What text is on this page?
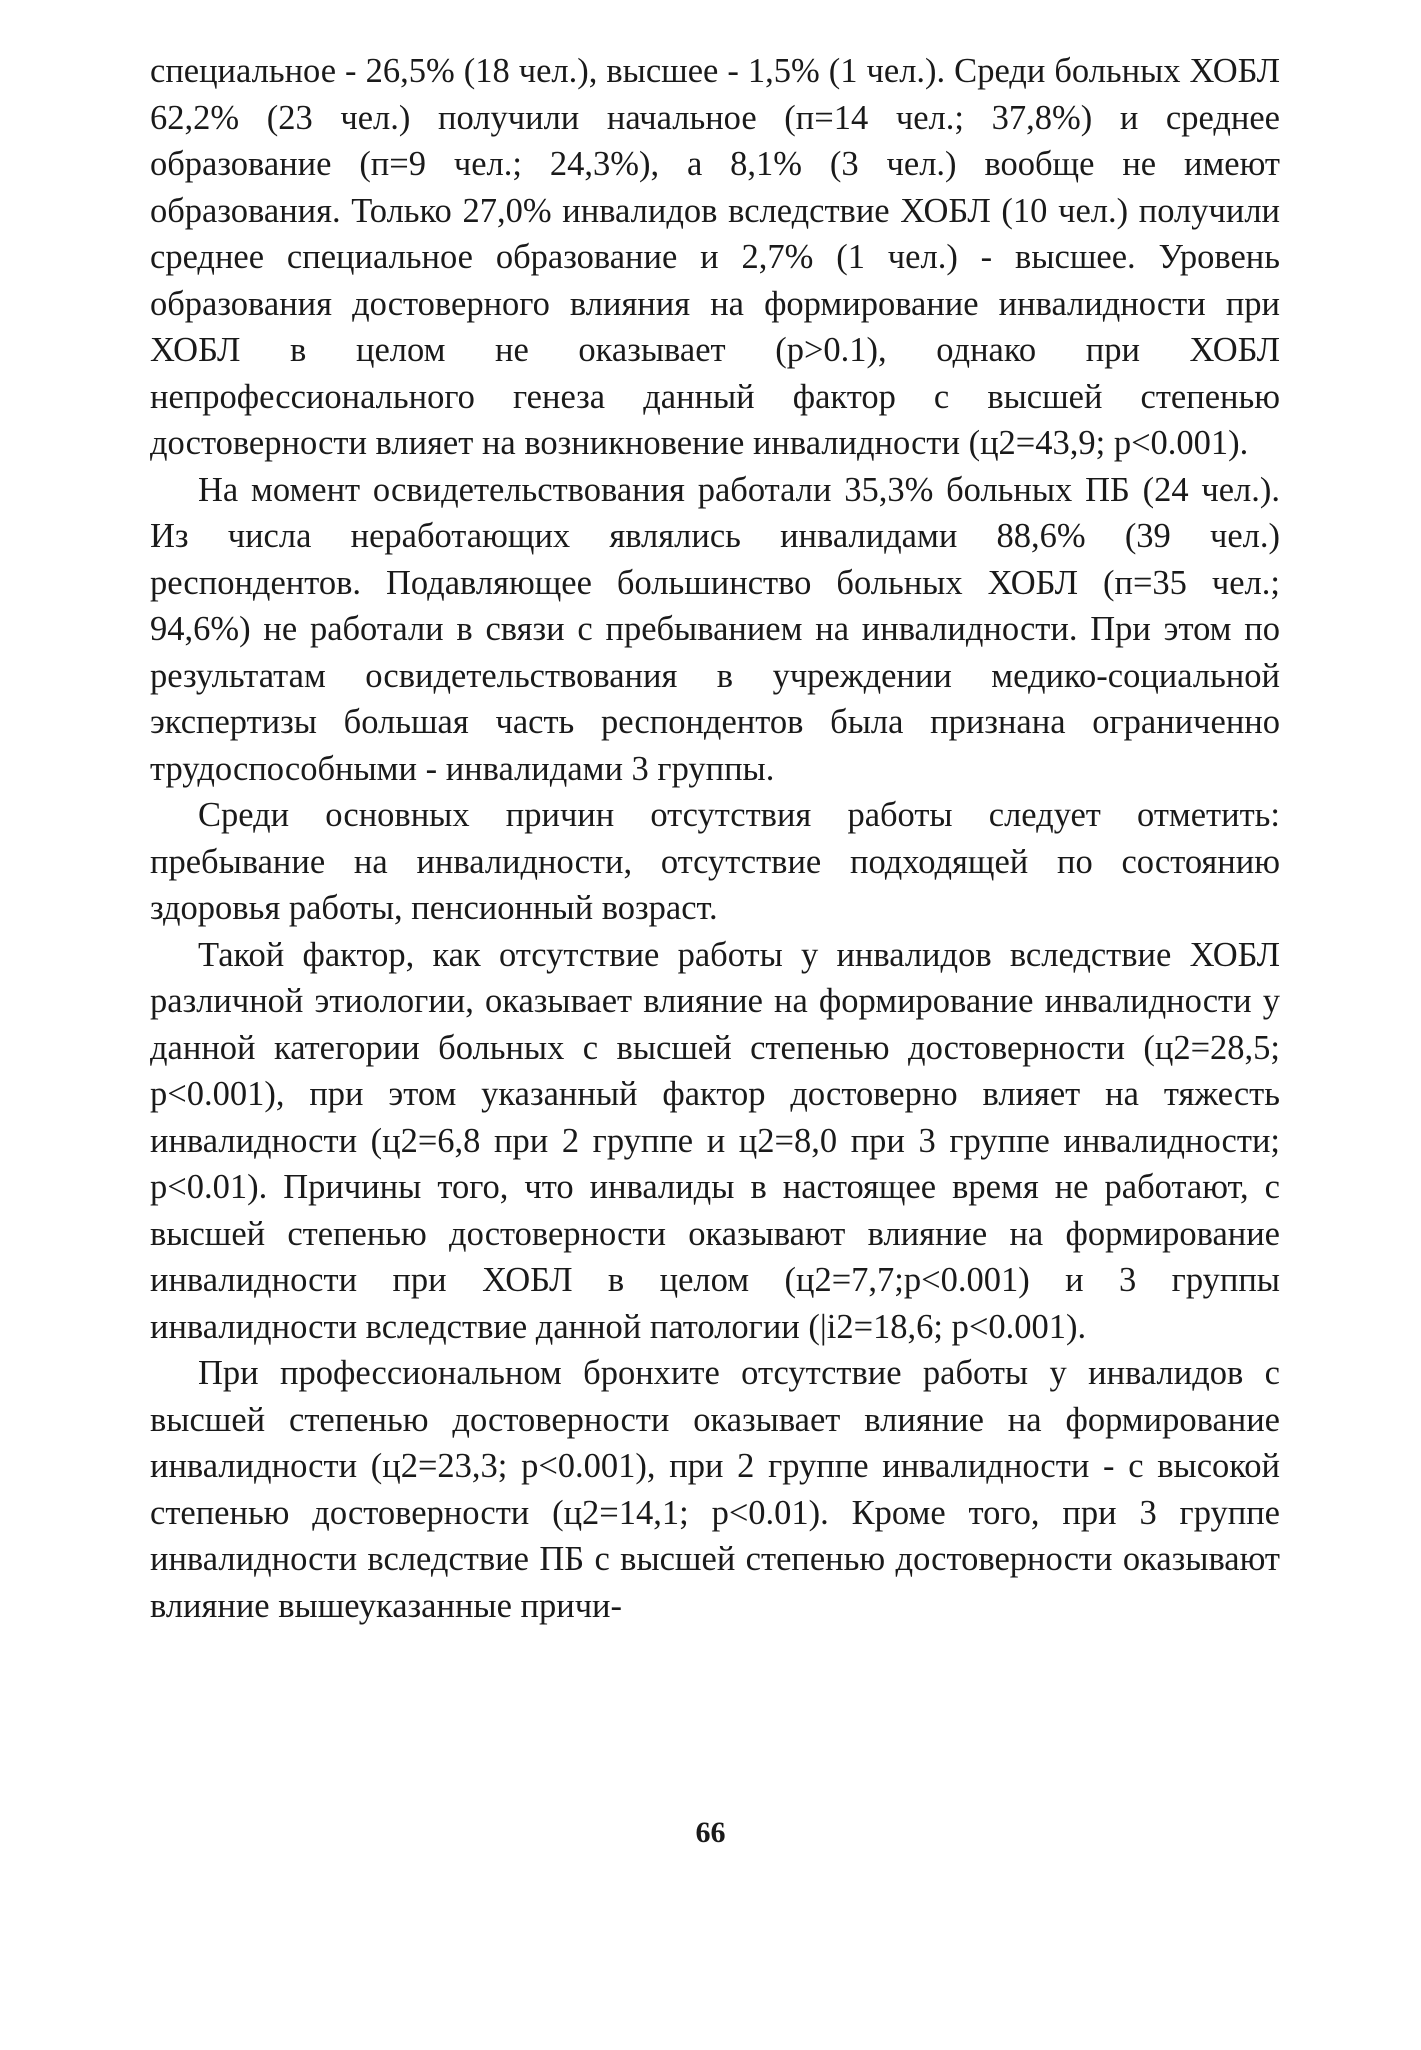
специальное - 26,5% (18 чел.), высшее - 1,5% (1 чел.). Среди больных ХОБЛ 62,2% (23 чел.) получили начальное (п=14 чел.; 37,8%) и среднее образование (п=9 чел.; 24,3%), а 8,1% (3 чел.) вообще не имеют образования. Только 27,0% инвалидов вследствие ХОБЛ (10 чел.) получили среднее специальное образование и 2,7% (1 чел.) - высшее. Уровень образования достоверного влияния на формирование инвалидности при ХОБЛ в целом не оказывает (р>0.1), однако при ХОБЛ непрофессионального генеза данный фактор с высшей степенью достоверности влияет на возникновение инвалидности (ц2=43,9; р<0.001).

На момент освидетельствования работали 35,3% больных ПБ (24 чел.). Из числа неработающих являлись инвалидами 88,6% (39 чел.) респондентов. Подавляющее большинство больных ХОБЛ (п=35 чел.; 94,6%) не работали в связи с пребыванием на инвалидности. При этом по результатам освидетельствования в учреждении медико-социальной экспертизы большая часть респондентов была признана ограниченно трудоспособными - инвалидами 3 группы.

Среди основных причин отсутствия работы следует отметить: пребывание на инвалидности, отсутствие подходящей по состоянию здоровья работы, пенсионный возраст.

Такой фактор, как отсутствие работы у инвалидов вследствие ХОБЛ различной этиологии, оказывает влияние на формирование инвалидности у данной категории больных с высшей степенью достоверности (ц2=28,5; р<0.001), при этом указанный фактор достоверно влияет на тяжесть инвалидности (ц2=6,8 при 2 группе и ц2=8,0 при 3 группе инвалидности; р<0.01). Причины того, что инвалиды в настоящее время не работают, с высшей степенью достоверности оказывают влияние на формирование инвалидности при ХОБЛ в целом (ц2=7,7;р<0.001) и 3 группы инвалидности вследствие данной патологии (|і2=18,6; р<0.001).

При профессиональном бронхите отсутствие работы у инвалидов с высшей степенью достоверности оказывает влияние на формирование инвалидности (ц2=23,3; р<0.001), при 2 группе инвалидности - с высокой степенью достоверности (ц2=14,1; р<0.01). Кроме того, при 3 группе инвалидности вследствие ПБ с высшей степенью достоверности оказывают влияние вышеуказанные причи-

66
